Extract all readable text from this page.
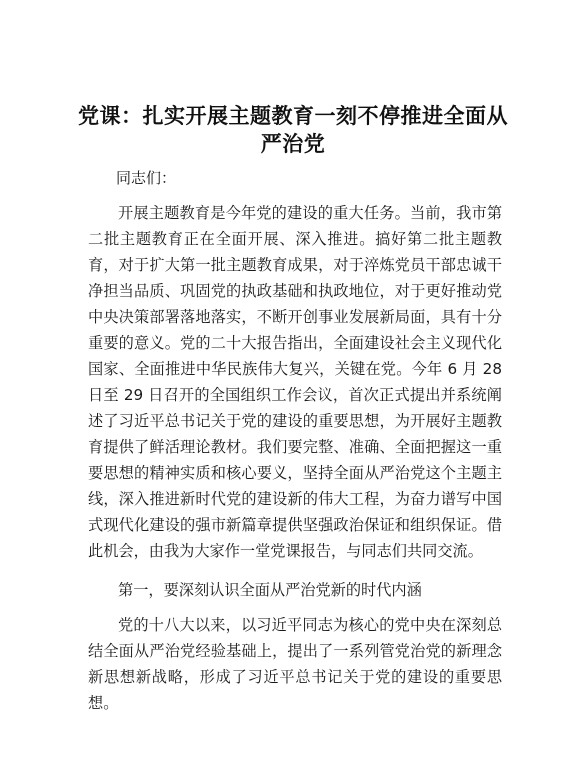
党课：扎实开展主题教育一刻不停推进全面从
严治党
同志们：

开展主题教育是今年党的建设的重大任务。当前，我市第二批主题教育正在全面开展、深入推进。搞好第二批主题教育，对于扩大第一批主题教育成果，对于淬炼党员干部忠诚干净担当品质、巩固党的执政基础和执政地位，对于更好推动党中央决策部署落地落实，不断开创事业发展新局面，具有十分重要的意义。党的二十大报告指出，全面建设社会主义现代化国家、全面推进中华民族伟大复兴，关键在党。今年 6 月 28 日至 29 日召开的全国组织工作会议，首次正式提出并系统阐述了习近平总书记关于党的建设的重要思想，为开展好主题教育提供了鲜活理论教材。我们要完整、准确、全面把握这一重要思想的精神实质和核心要义，坚持全面从严治党这个主题主线，深入推进新时代党的建设新的伟大工程，为奋力谱写中国式现代化建设的强市新篇章提供坚强政治保证和组织保证。借此机会，由我为大家作一堂党课报告，与同志们共同交流。

第一，要深刻认识全面从严治党新的时代内涵

党的十八大以来，以习近平同志为核心的党中央在深刻总结全面从严治党经验基础上，提出了一系列管党治党的新理念新思想新战略，形成了习近平总书记关于党的建设的重要思想。
